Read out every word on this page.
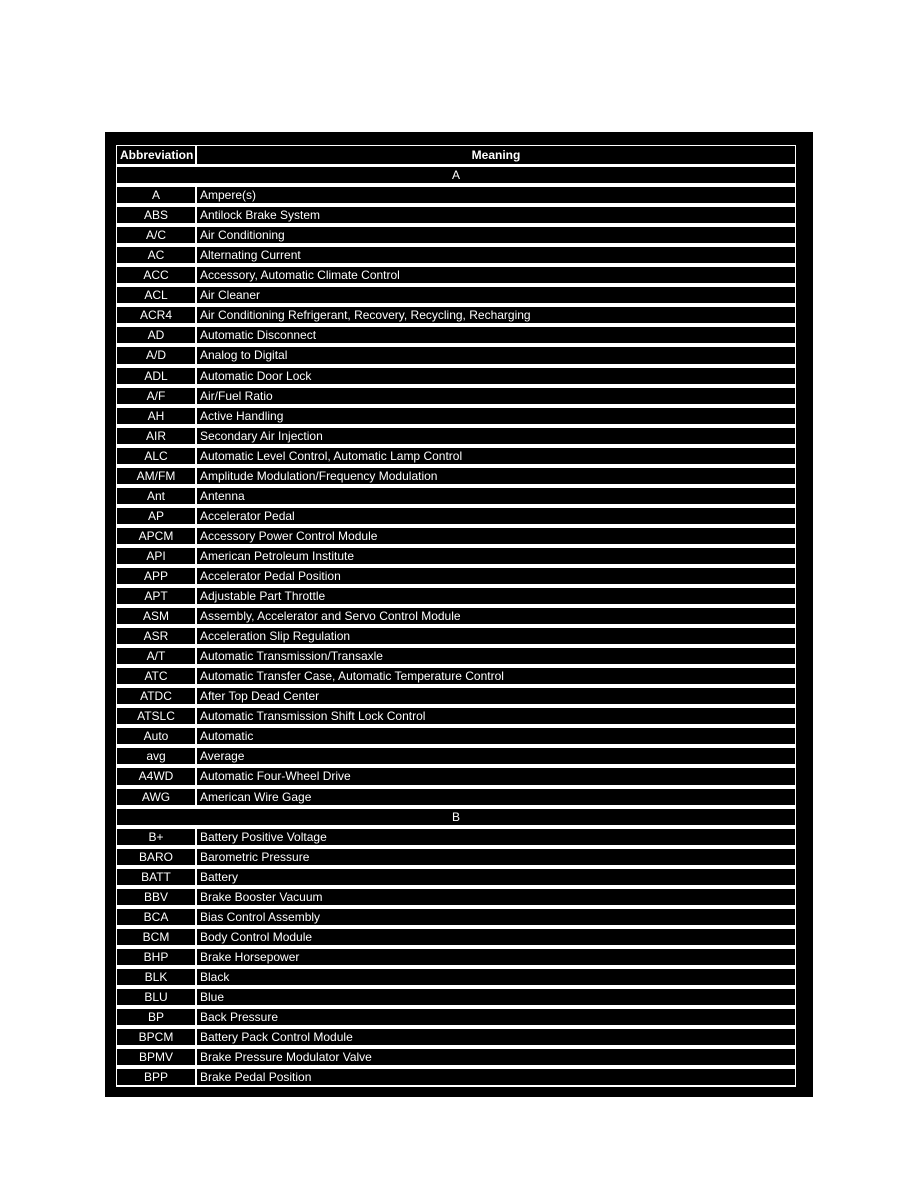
Abbreviation	Meaning
A	
A	Ampere(s)
ABS	Antilock Brake System
A/C	Air Conditioning
AC	Alternating Current
ACC	Accessory, Automatic Climate Control
ACL	Air Cleaner
ACR4	Air Conditioning Refrigerant, Recovery, Recycling, Recharging
AD	Automatic Disconnect
A/D	Analog to Digital
ADL	Automatic Door Lock
A/F	Air/Fuel Ratio
AH	Active Handling
AIR	Secondary Air Injection
ALC	Automatic Level Control, Automatic Lamp Control
AM/FM	Amplitude Modulation/Frequency Modulation
Ant	Antenna
AP	Accelerator Pedal
APCM	Accessory Power Control Module
API	American Petroleum Institute
APP	Accelerator Pedal Position
APT	Adjustable Part Throttle
ASM	Assembly, Accelerator and Servo Control Module
ASR	Acceleration Slip Regulation
A/T	Automatic Transmission/Transaxle
ATC	Automatic Transfer Case, Automatic Temperature Control
ATDC	After Top Dead Center
ATSLC	Automatic Transmission Shift Lock Control
Auto	Automatic
avg	Average
A4WD	Automatic Four-Wheel Drive
AWG	American Wire Gage
B	
B+	Battery Positive Voltage
BARO	Barometric Pressure
BATT	Battery
BBV	Brake Booster Vacuum
BCA	Bias Control Assembly
BCM	Body Control Module
BHP	Brake Horsepower
BLK	Black
BLU	Blue
BP	Back Pressure
BPCM	Battery Pack Control Module
BPMV	Brake Pressure Modulator Valve
BPP	Brake Pedal Position
